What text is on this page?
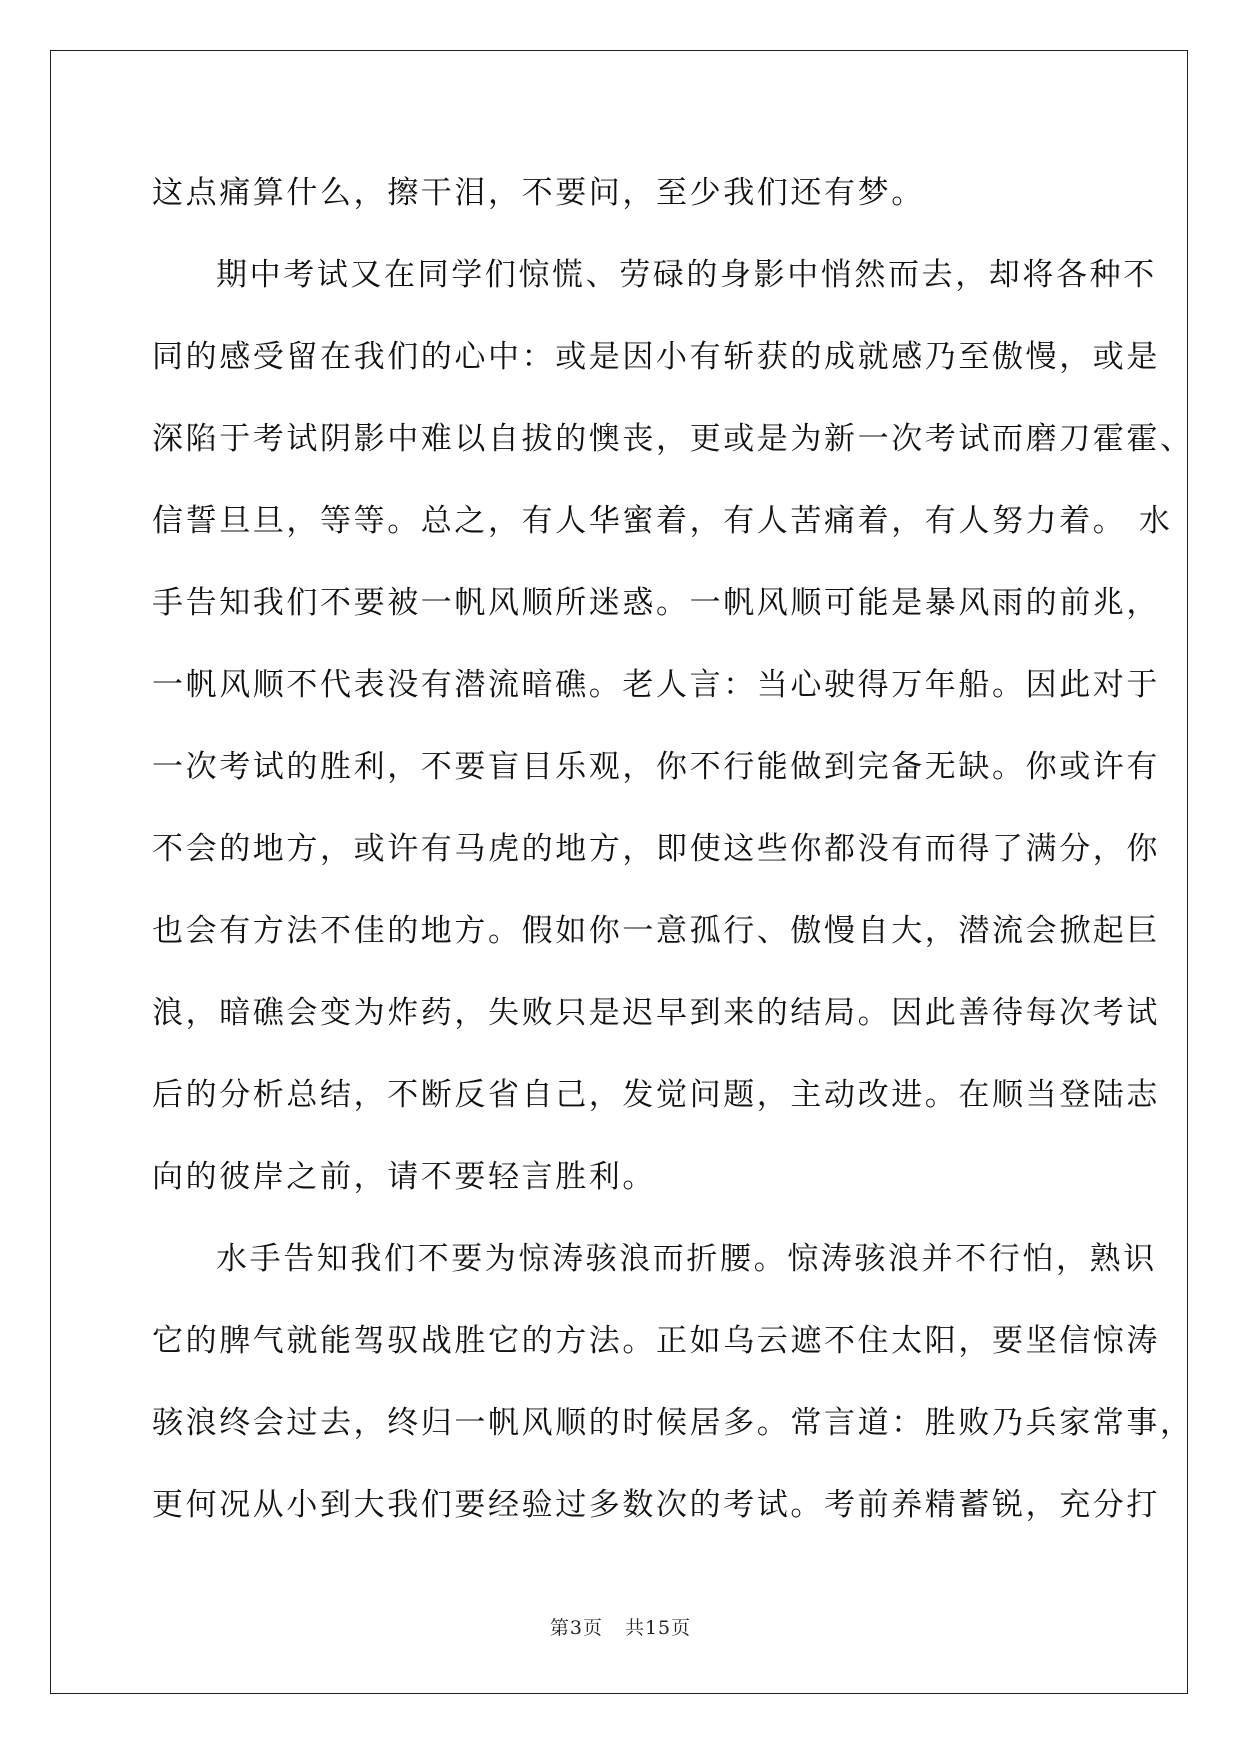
这点痛算什么，擦干泪，不要问，至少我们还有梦。
期中考试又在同学们惊慌、劳碌的身影中悄然而去，却将各种不
同的感受留在我们的心中：或是因小有斩获的成就感乃至傲慢，或是
深陷于考试阴影中难以自拔的懊丧，更或是为新一次考试而磨刀霍霍、
信誓旦旦，等等。总之，有人华蜜着，有人苦痛着，有人努力着。 水
手告知我们不要被一帆风顺所迷惑。一帆风顺可能是暴风雨的前兆，
一帆风顺不代表没有潜流暗礁。老人言：当心驶得万年船。因此对于
一次考试的胜利，不要盲目乐观，你不行能做到完备无缺。你或许有
不会的地方，或许有马虎的地方，即使这些你都没有而得了满分，你
也会有方法不佳的地方。假如你一意孤行、傲慢自大，潜流会掀起巨
浪，暗礁会变为炸药，失败只是迟早到来的结局。因此善待每次考试
后的分析总结，不断反省自己，发觉问题，主动改进。在顺当登陆志
向的彼岸之前，请不要轻言胜利。
水手告知我们不要为惊涛骇浪而折腰。惊涛骇浪并不行怕，熟识
它的脾气就能驾驭战胜它的方法。正如乌云遮不住太阳，要坚信惊涛
骇浪终会过去，终归一帆风顺的时候居多。常言道：胜败乃兵家常事，
更何况从小到大我们要经验过多数次的考试。考前养精蓄锐，充分打
第3页 共15页
